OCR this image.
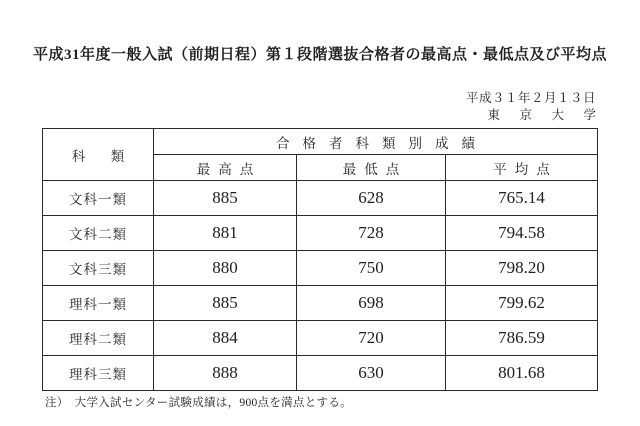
平成31年度一般入試（前期日程）第１段階選抜合格者の最高点・最低点及び平均点
平成３１年２月１３日
東　京　大　学
科　類	合格者科類別成績		
	最高点	最低点	平均点
文科一類	885	628	765.14
文科二類	881	728	794.58
文科三類	880	750	798.20
理科一類	885	698	799.62
理科二類	884	720	786.59
理科三類	888	630	801.68
注）　大学入試センター試験成績は，900点を満点とする。
